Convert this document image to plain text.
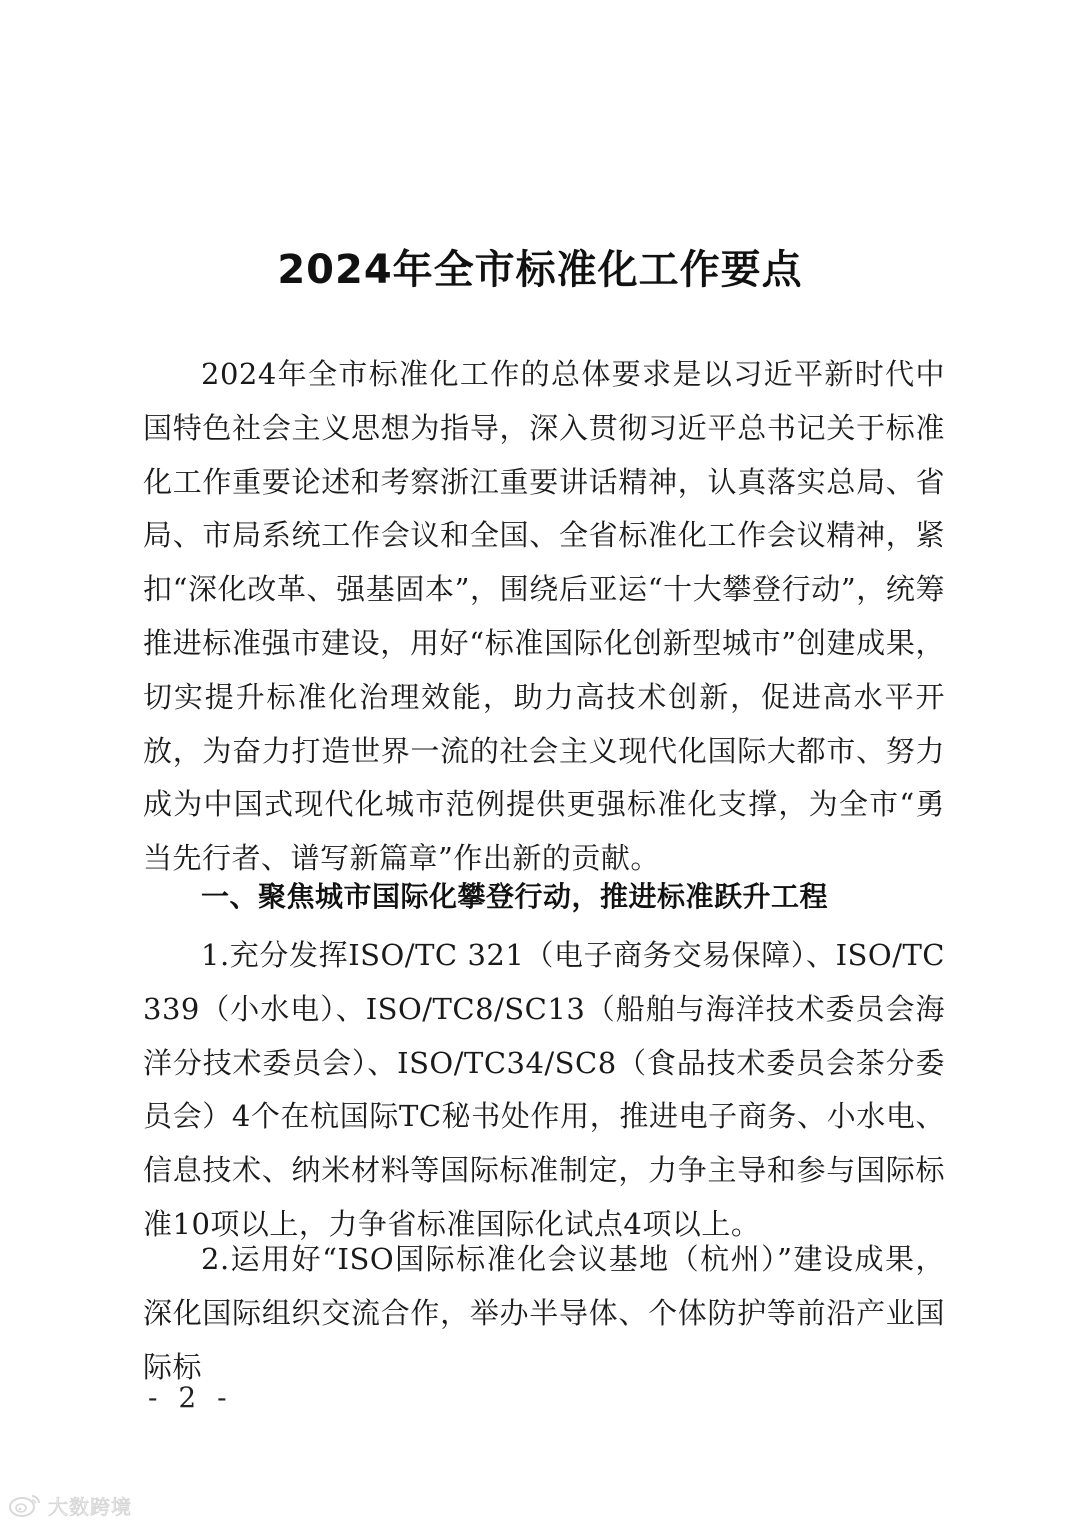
2024年全市标准化工作要点

2024年全市标准化工作的总体要求是以习近平新时代中国特色社会主义思想为指导，深入贯彻习近平总书记关于标准化工作重要论述和考察浙江重要讲话精神，认真落实总局、省局、市局系统工作会议和全国、全省标准化工作会议精神，紧扣“深化改革、强基固本”，围绕后亚运“十大攀登行动”，统筹推进标准强市建设，用好“标准国际化创新型城市”创建成果，切实提升标准化治理效能，助力高技术创新，促进高水平开放，为奋力打造世界一流的社会主义现代化国际大都市、努力成为中国式现代化城市范例提供更强标准化支撑，为全市“勇当先行者、谱写新篇章”作出新的贡献。

一、聚焦城市国际化攀登行动，推进标准跃升工程

1.充分发挥ISO/TC 321（电子商务交易保障）、ISO/TC 339（小水电）、ISO/TC8/SC13（船舶与海洋技术委员会海洋分技术委员会）、ISO/TC34/SC8（食品技术委员会茶分委员会）4个在杭国际TC秘书处作用，推进电子商务、小水电、信息技术、纳米材料等国际标准制定，力争主导和参与国际标准10项以上，力争省标准国际化试点4项以上。

2.运用好“ISO国际标准化会议基地（杭州）”建设成果，深化国际组织交流合作，举办半导体、个体防护等前沿产业国际标

- 2 -
大数跨境
